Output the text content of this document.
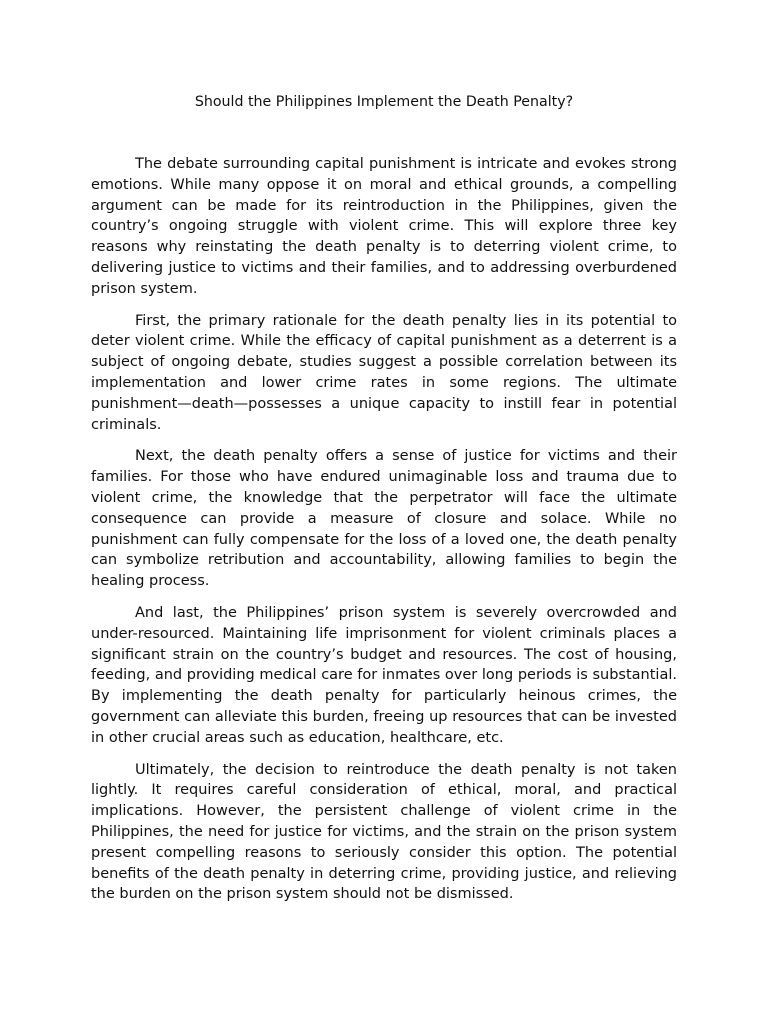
Should the Philippines Implement the Death Penalty?

The debate surrounding capital punishment is intricate and evokes strong emotions. While many oppose it on moral and ethical grounds, a compelling argument can be made for its reintroduction in the Philippines, given the country’s ongoing struggle with violent crime. This will explore three key reasons why reinstating the death penalty is to deterring violent crime, to delivering justice to victims and their families, and to addressing overburdened prison system.

First, the primary rationale for the death penalty lies in its potential to deter violent crime. While the efficacy of capital punishment as a deterrent is a subject of ongoing debate, studies suggest a possible correlation between its implementation and lower crime rates in some regions. The ultimate punishment—death—possesses a unique capacity to instill fear in potential criminals.

Next, the death penalty offers a sense of justice for victims and their families. For those who have endured unimaginable loss and trauma due to violent crime, the knowledge that the perpetrator will face the ultimate consequence can provide a measure of closure and solace. While no punishment can fully compensate for the loss of a loved one, the death penalty can symbolize retribution and accountability, allowing families to begin the healing process.

And last, the Philippines’ prison system is severely overcrowded and under-resourced. Maintaining life imprisonment for violent criminals places a significant strain on the country’s budget and resources. The cost of housing, feeding, and providing medical care for inmates over long periods is substantial. By implementing the death penalty for particularly heinous crimes, the government can alleviate this burden, freeing up resources that can be invested in other crucial areas such as education, healthcare, etc.

Ultimately, the decision to reintroduce the death penalty is not taken lightly. It requires careful consideration of ethical, moral, and practical implications. However, the persistent challenge of violent crime in the Philippines, the need for justice for victims, and the strain on the prison system present compelling reasons to seriously consider this option. The potential benefits of the death penalty in deterring crime, providing justice, and relieving the burden on the prison system should not be dismissed.
